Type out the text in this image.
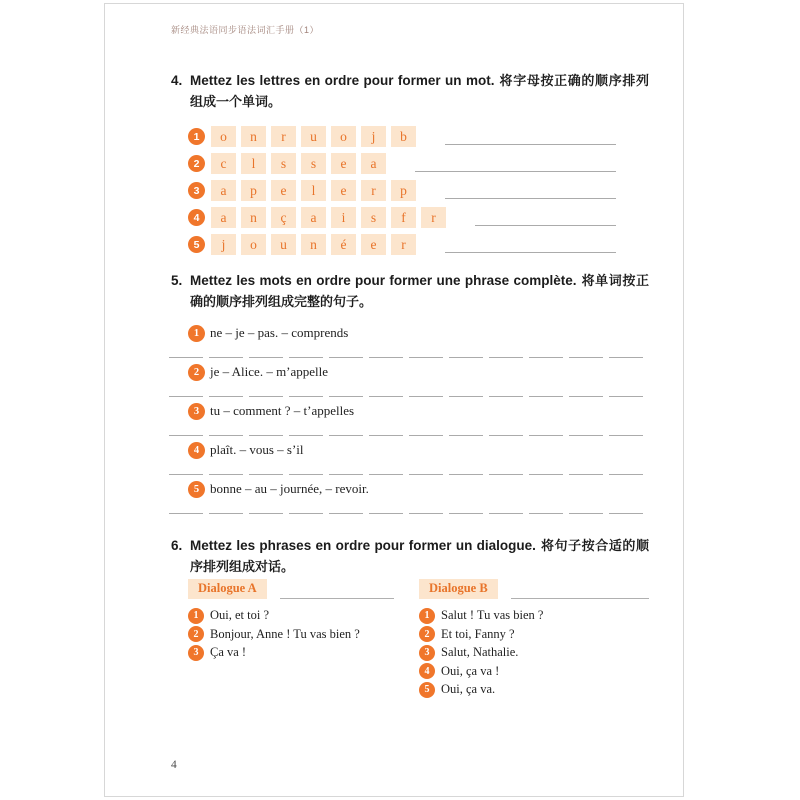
新经典法语同步语法词汇手册（1）
4. Mettez les lettres en ordre pour former un mot. 将字母按正确的顺序排列组成一个单词。
1	o	n	r	u	o	j	b
2	c	l	s	s	e	a
3	a	p	e	l	e	r	p
4	a	n	ç	a	i	s	f	r
5	j	o	u	n	é	e	r
5. Mettez les mots en ordre pour former une phrase complète. 将单词按正确的顺序排列组成完整的句子。
1 ne – je – pas. – comprends
2 je – Alice. – m’appelle
3 tu – comment ? – t’appelles
4 plaît. – vous – s’il
5 bonne – au – journée, – revoir.
6. Mettez les phrases en ordre pour former un dialogue. 将句子按合适的顺序排列组成对话。
Dialogue A
1 Oui, et toi ?
2 Bonjour, Anne ! Tu vas bien ?
3 Ça va !
Dialogue B
1 Salut ! Tu vas bien ?
2 Et toi, Fanny ?
3 Salut, Nathalie.
4 Oui, ça va !
5 Oui, ça va.
4
